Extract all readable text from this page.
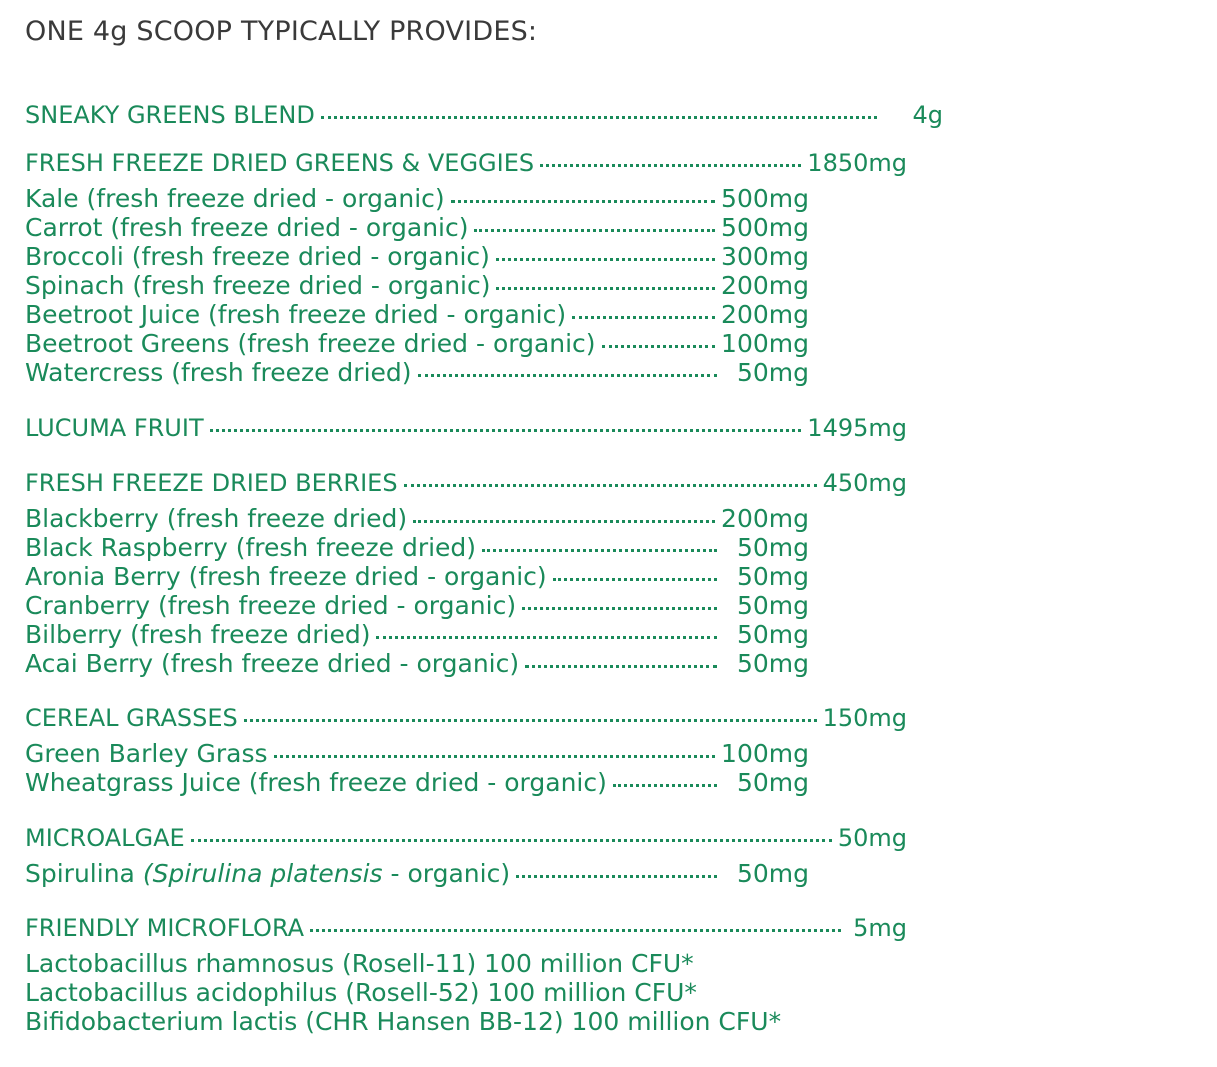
ONE 4g SCOOP TYPICALLY PROVIDES:
SNEAKY GREENS BLEND	4g
FRESH FREEZE DRIED GREENS & VEGGIES	1850mg
Kale (fresh freeze dried - organic)	500mg
Carrot (fresh freeze dried - organic)	500mg
Broccoli (fresh freeze dried - organic)	300mg
Spinach (fresh freeze dried - organic)	200mg
Beetroot Juice (fresh freeze dried - organic)	200mg
Beetroot Greens (fresh freeze dried - organic)	100mg
Watercress (fresh freeze dried)	50mg
LUCUMA FRUIT	1495mg
FRESH FREEZE DRIED BERRIES	450mg
Blackberry (fresh freeze dried)	200mg
Black Raspberry (fresh freeze dried)	50mg
Aronia Berry (fresh freeze dried - organic)	50mg
Cranberry (fresh freeze dried - organic)	50mg
Bilberry (fresh freeze dried)	50mg
Acai Berry (fresh freeze dried - organic)	50mg
CEREAL GRASSES	150mg
Green Barley Grass	100mg
Wheatgrass Juice (fresh freeze dried - organic)	50mg
MICROALGAE	50mg
Spirulina (Spirulina platensis - organic)	50mg
FRIENDLY MICROFLORA	5mg
Lactobacillus rhamnosus (Rosell-11) 100 million CFU*
Lactobacillus acidophilus (Rosell-52) 100 million CFU*
Bifidobacterium lactis (CHR Hansen BB-12) 100 million CFU*
